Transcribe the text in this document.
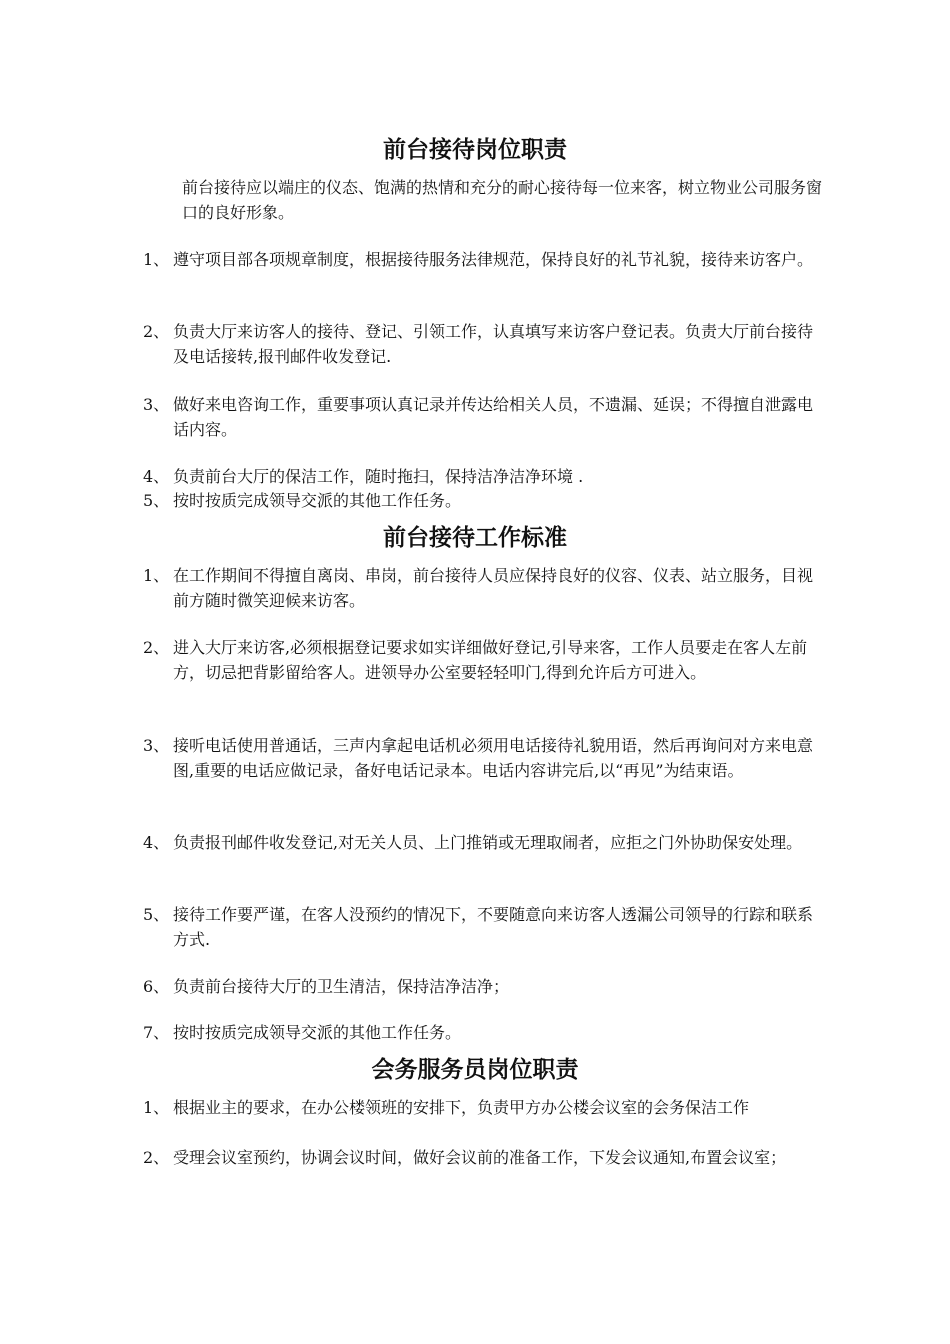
前台接待岗位职责

前台接待应以端庄的仪态、饱满的热情和充分的耐心接待每一位来客，树立物业公司服务窗口的良好形象。

1、 遵守项目部各项规章制度，根据接待服务法律规范，保持良好的礼节礼貌，接待来访客户。
2、 负责大厅来访客人的接待、登记、引领工作，认真填写来访客户登记表。负责大厅前台接待及电话接转,报刊邮件收发登记.
3、 做好来电咨询工作，重要事项认真记录并传达给相关人员，不遗漏、延误；不得擅自泄露电话内容。
4、 负责前台大厅的保洁工作，随时拖扫，保持洁净洁净环境 .
5、 按时按质完成领导交派的其他工作任务。
前台接待工作标准
1、 在工作期间不得擅自离岗、串岗，前台接待人员应保持良好的仪容、仪表、站立服务，目视前方随时微笑迎候来访客。
2、 进入大厅来访客,必须根据登记要求如实详细做好登记,引导来客，工作人员要走在客人左前方，切忌把背影留给客人。进领导办公室要轻轻叩门,得到允许后方可进入。
3、 接听电话使用普通话，三声内拿起电话机必须用电话接待礼貌用语，然后再询问对方来电意图,重要的电话应做记录，备好电话记录本。电话内容讲完后,以“再见”为结束语。
4、 负责报刊邮件收发登记,对无关人员、上门推销或无理取闹者，应拒之门外协助保安处理。
5、 接待工作要严谨，在客人没预约的情况下，不要随意向来访客人透漏公司领导的行踪和联系方式.
6、 负责前台接待大厅的卫生清洁，保持洁净洁净；
7、 按时按质完成领导交派的其他工作任务。
会务服务员岗位职责
1、 根据业主的要求，在办公楼领班的安排下，负责甲方办公楼会议室的会务保洁工作
2、 受理会议室预约，协调会议时间，做好会议前的准备工作，下发会议通知,布置会议室；
